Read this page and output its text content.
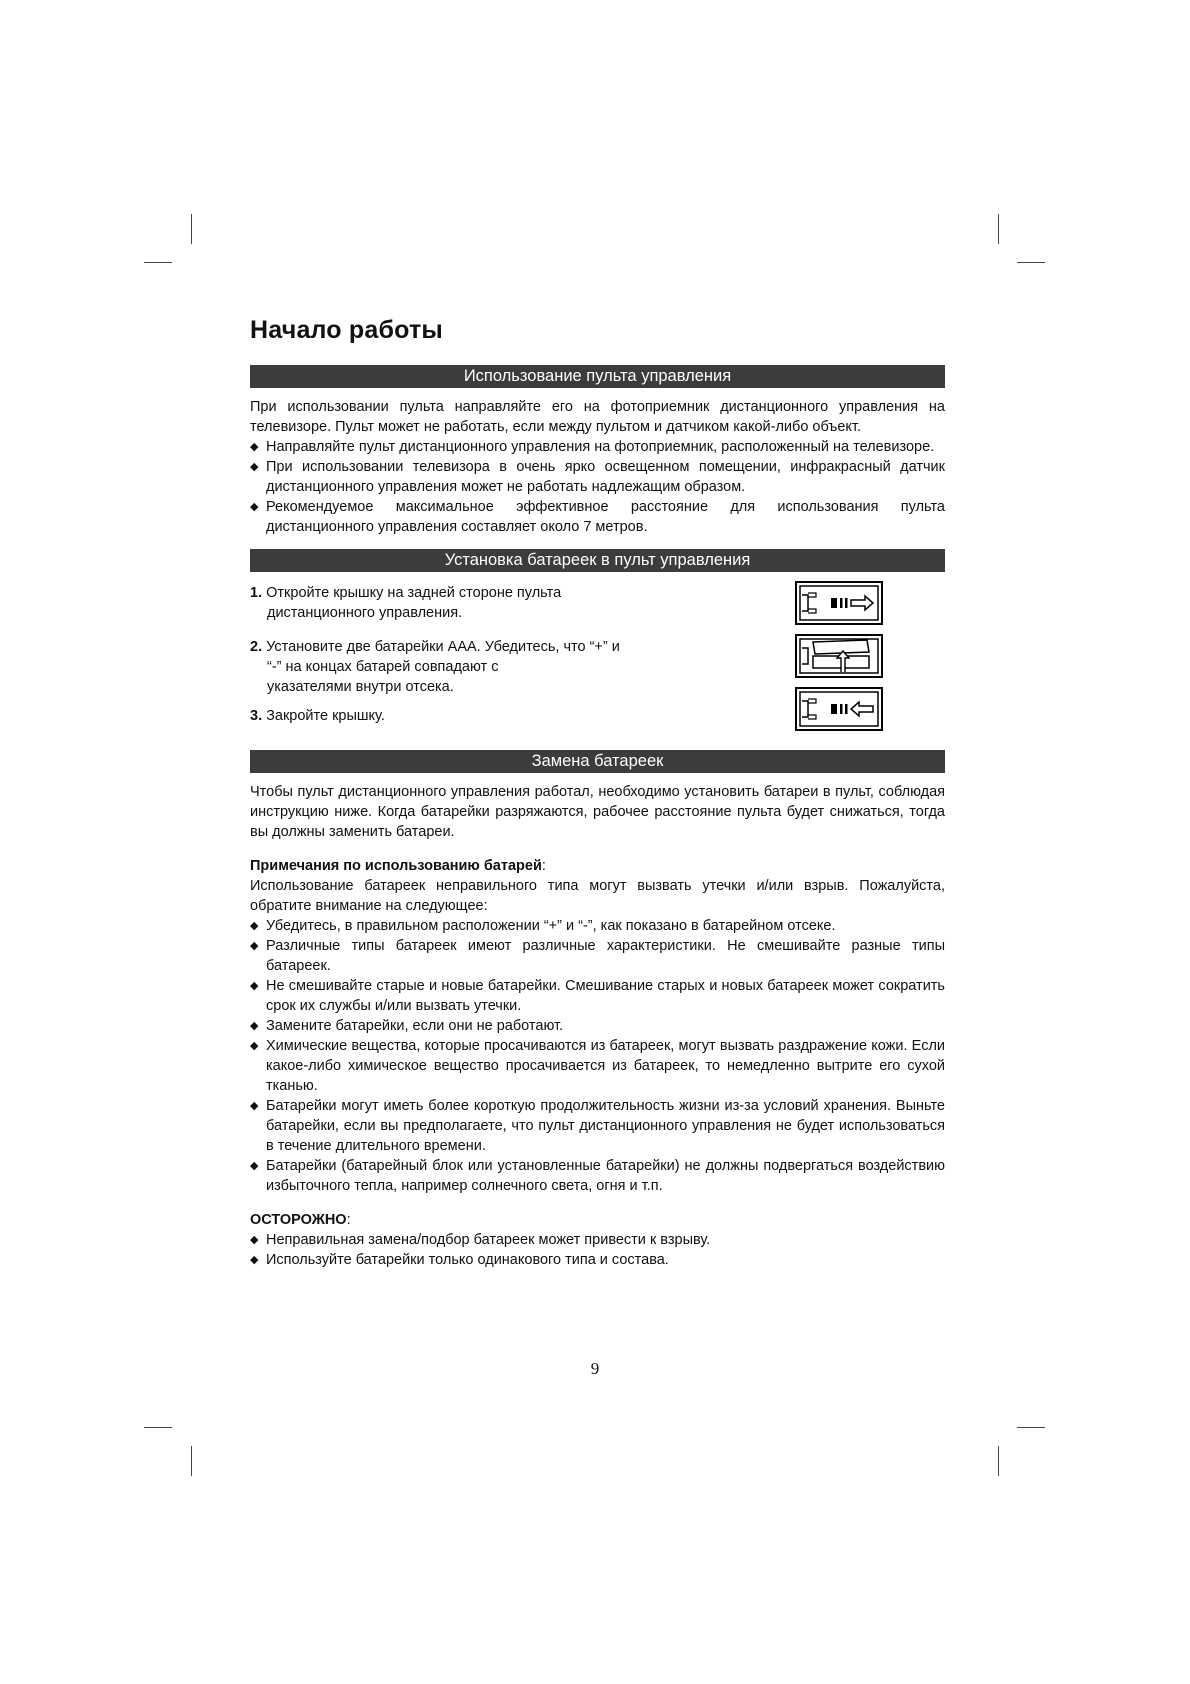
Начало работы
Использование пульта управления

При использовании пульта направляйте его на фотоприемник дистанционного управления на телевизоре. Пульт может не работать, если между пультом и датчиком какой-либо объект.

◆ Направляйте пульт дистанционного управления на фотоприемник, расположенный на телевизоре.
◆ При использовании телевизора в очень ярко освещенном помещении, инфракрасный датчик дистанционного управления может не работать надлежащим образом.
◆ Рекомендуемое максимальное эффективное расстояние для использования пульта дистанционного управления составляет около 7 метров.
Установка батареек в пульт управления
1. Откройте крышку на задней стороне пульта
дистанционного управления.
2. Установите две батарейки ААА. Убедитесь, что “+” и
“-” на концах батарей совпадают с указателями внутри отсека.
3. Закройте крышку.
Замена батареек

Чтобы пульт дистанционного управления работал, необходимо установить батареи в пульт, соблюдая инструкцию ниже. Когда батарейки разряжаются, рабочее расстояние пульта будет снижаться, тогда вы должны заменить батареи.

Примечания по использованию батарей:

Использование батареек неправильного типа могут вызвать утечки и/или взрыв. Пожалуйста, обратите внимание на следующее:

◆ Убедитесь, в правильном расположении “+” и “-”, как показано в батарейном отсеке.
◆ Различные типы батареек имеют различные характеристики. Не смешивайте разные типы батареек.
◆ Не смешивайте старые и новые батарейки. Смешивание старых и новых батареек может сократить срок их службы и/или вызвать утечки.
◆ Замените батарейки, если они не работают.
◆ Химические вещества, которые просачиваются из батареек, могут вызвать раздражение кожи. Если какое-либо химическое вещество просачивается из батареек, то немедленно вытрите его сухой тканью.
◆ Батарейки могут иметь более короткую продолжительность жизни из-за условий хранения. Выньте батарейки, если вы предполагаете, что пульт дистанционного управления не будет использоваться в течение длительного времени.
◆ Батарейки (батарейный блок или установленные батарейки) не должны подвергаться воздействию избыточного тепла, например солнечного света, огня и т.п.

ОСТОРОЖНО:

◆ Неправильная замена/подбор батареек может привести к взрыву.
◆ Используйте батарейки только одинакового типа и состава.
9
